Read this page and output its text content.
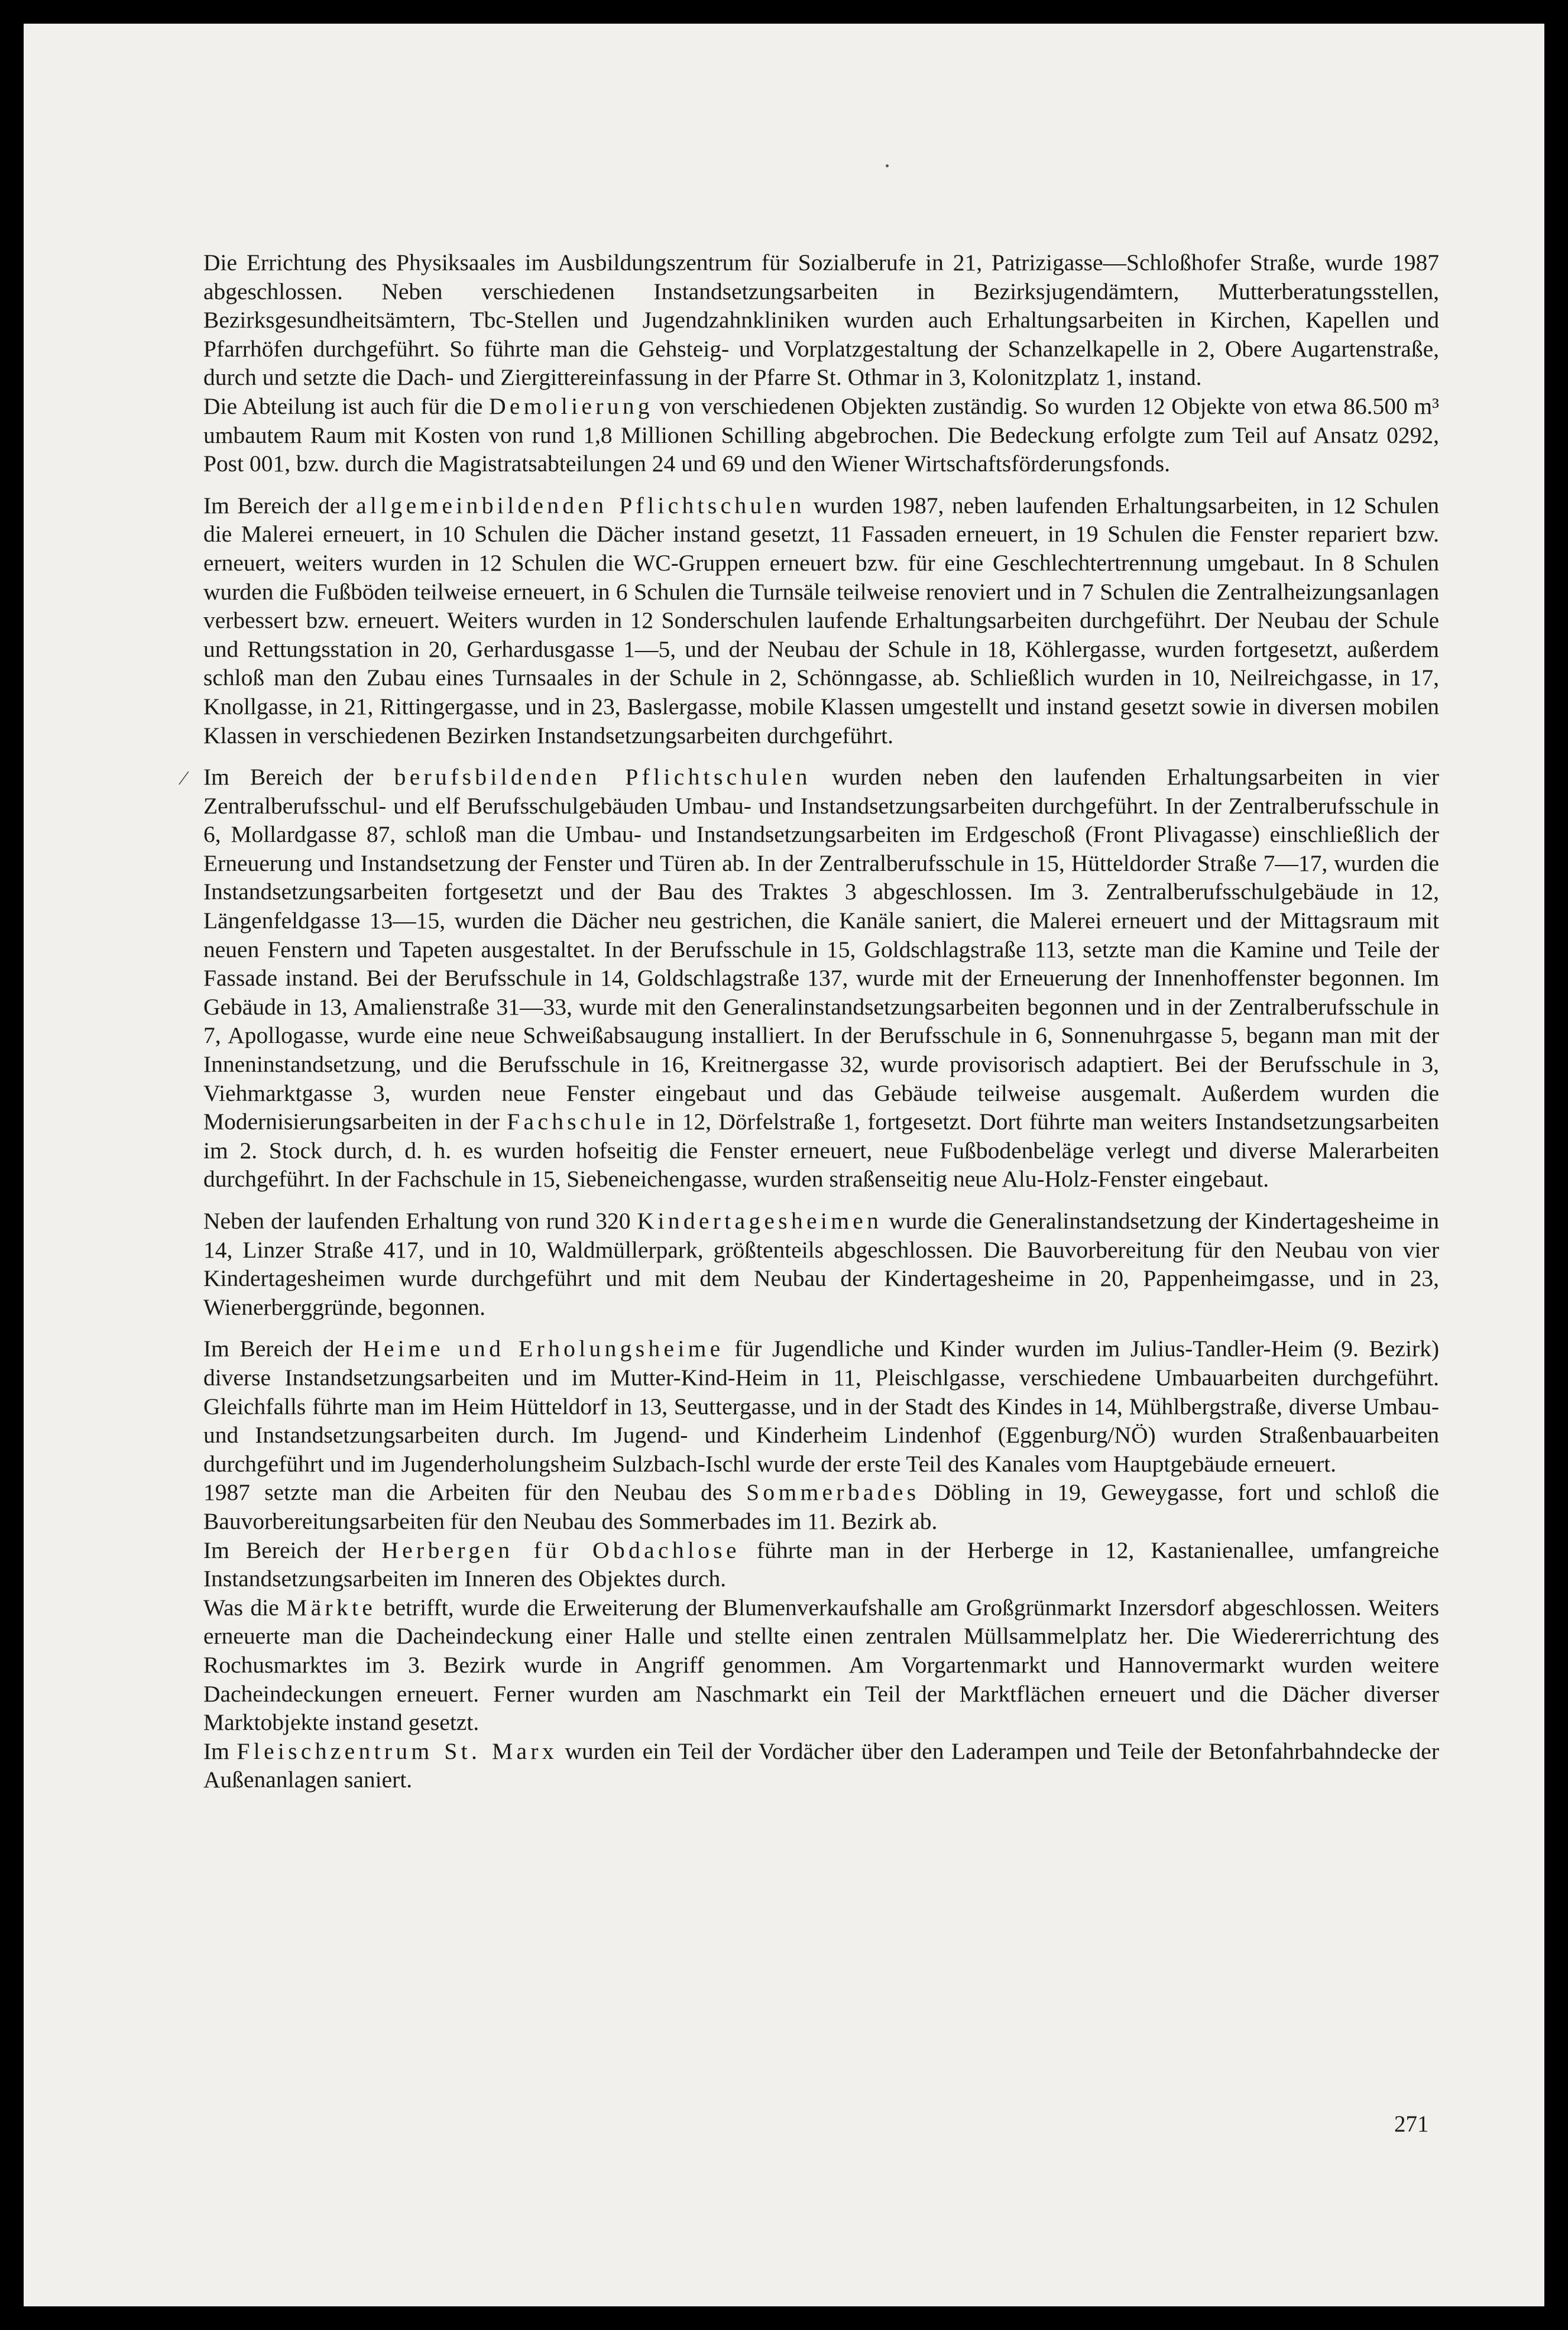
⁄

Die Errichtung des Physiksaales im Ausbildungszentrum für Sozialberufe in 21, Patrizigasse—Schloßhofer Straße, wurde 1987 abgeschlossen. Neben verschiedenen Instandsetzungsarbeiten in Bezirksjugendämtern, Mutterberatungsstellen, Bezirksgesundheitsämtern, Tbc-Stellen und Jugendzahnkliniken wurden auch Erhaltungsarbeiten in Kirchen, Kapellen und Pfarrhöfen durchgeführt. So führte man die Gehsteig- und Vorplatzgestaltung der Schanzelkapelle in 2, Obere Augartenstraße, durch und setzte die Dach- und Ziergittereinfassung in der Pfarre St. Othmar in 3, Kolonitzplatz 1, instand.

Die Abteilung ist auch für die Demolierung von verschiedenen Objekten zuständig. So wurden 12 Objekte von etwa 86.500 m³ umbautem Raum mit Kosten von rund 1,8 Millionen Schilling abgebrochen. Die Bedeckung erfolgte zum Teil auf Ansatz 0292, Post 001, bzw. durch die Magistratsabteilungen 24 und 69 und den Wiener Wirtschaftsförderungsfonds.

Im Bereich der allgemeinbildenden Pflichtschulen wurden 1987, neben laufenden Erhaltungsarbeiten, in 12 Schulen die Malerei erneuert, in 10 Schulen die Dächer instand gesetzt, 11 Fassaden erneuert, in 19 Schulen die Fenster repariert bzw. erneuert, weiters wurden in 12 Schulen die WC-Gruppen erneuert bzw. für eine Geschlechtertrennung umgebaut. In 8 Schulen wurden die Fußböden teilweise erneuert, in 6 Schulen die Turnsäle teilweise renoviert und in 7 Schulen die Zentralheizungsanlagen verbessert bzw. erneuert. Weiters wurden in 12 Sonderschulen laufende Erhaltungsarbeiten durchgeführt. Der Neubau der Schule und Rettungsstation in 20, Gerhardusgasse 1—5, und der Neubau der Schule in 18, Köhlergasse, wurden fortgesetzt, außerdem schloß man den Zubau eines Turnsaales in der Schule in 2, Schönngasse, ab. Schließlich wurden in 10, Neilreichgasse, in 17, Knollgasse, in 21, Rittingergasse, und in 23, Baslergasse, mobile Klassen umgestellt und instand gesetzt sowie in diversen mobilen Klassen in verschiedenen Bezirken Instandsetzungsarbeiten durchgeführt.

Im Bereich der berufsbildenden Pflichtschulen wurden neben den laufenden Erhaltungsarbeiten in vier Zentralberufsschul- und elf Berufsschulgebäuden Umbau- und Instandsetzungsarbeiten durchgeführt. In der Zentralberufsschule in 6, Mollardgasse 87, schloß man die Umbau- und Instandsetzungsarbeiten im Erdgeschoß (Front Plivagasse) einschließlich der Erneuerung und Instandsetzung der Fenster und Türen ab. In der Zentralberufsschule in 15, Hütteldorder Straße 7—17, wurden die Instandsetzungsarbeiten fortgesetzt und der Bau des Traktes 3 abgeschlossen. Im 3. Zentralberufsschulgebäude in 12, Längenfeldgasse 13—15, wurden die Dächer neu gestrichen, die Kanäle saniert, die Malerei erneuert und der Mittagsraum mit neuen Fenstern und Tapeten ausgestaltet. In der Berufsschule in 15, Goldschlagstraße 113, setzte man die Kamine und Teile der Fassade instand. Bei der Berufsschule in 14, Goldschlagstraße 137, wurde mit der Erneuerung der Innenhoffenster begonnen. Im Gebäude in 13, Amalienstraße 31—33, wurde mit den Generalinstandsetzungsarbeiten begonnen und in der Zentralberufsschule in 7, Apollogasse, wurde eine neue Schweißabsaugung installiert. In der Berufsschule in 6, Sonnenuhrgasse 5, begann man mit der Inneninstandsetzung, und die Berufsschule in 16, Kreitnergasse 32, wurde provisorisch adaptiert. Bei der Berufsschule in 3, Viehmarktgasse 3, wurden neue Fenster eingebaut und das Gebäude teilweise ausgemalt. Außerdem wurden die Modernisierungsarbeiten in der Fachschule in 12, Dörfelstraße 1, fortgesetzt. Dort führte man weiters Instandsetzungsarbeiten im 2. Stock durch, d. h. es wurden hofseitig die Fenster erneuert, neue Fußbodenbeläge verlegt und diverse Malerarbeiten durchgeführt. In der Fachschule in 15, Siebeneichengasse, wurden straßenseitig neue Alu-Holz-Fenster eingebaut.

Neben der laufenden Erhaltung von rund 320 Kindertagesheimen wurde die Generalinstandsetzung der Kindertagesheime in 14, Linzer Straße 417, und in 10, Waldmüllerpark, größtenteils abgeschlossen. Die Bauvorbereitung für den Neubau von vier Kindertagesheimen wurde durchgeführt und mit dem Neubau der Kindertagesheime in 20, Pappenheimgasse, und in 23, Wienerberggründe, begonnen.

Im Bereich der Heime und Erholungsheime für Jugendliche und Kinder wurden im Julius-Tandler-Heim (9. Bezirk) diverse Instandsetzungsarbeiten und im Mutter-Kind-Heim in 11, Pleischlgasse, verschiedene Umbauarbeiten durchgeführt. Gleichfalls führte man im Heim Hütteldorf in 13, Seuttergasse, und in der Stadt des Kindes in 14, Mühlbergstraße, diverse Umbau- und Instandsetzungsarbeiten durch. Im Jugend- und Kinderheim Lindenhof (Eggenburg/NÖ) wurden Straßenbauarbeiten durchgeführt und im Jugenderholungsheim Sulzbach-Ischl wurde der erste Teil des Kanales vom Hauptgebäude erneuert.

1987 setzte man die Arbeiten für den Neubau des Sommerbades Döbling in 19, Geweygasse, fort und schloß die Bauvorbereitungsarbeiten für den Neubau des Sommerbades im 11. Bezirk ab.

Im Bereich der Herbergen für Obdachlose führte man in der Herberge in 12, Kastanienallee, umfangreiche Instandsetzungsarbeiten im Inneren des Objektes durch.

Was die Märkte betrifft, wurde die Erweiterung der Blumenverkaufshalle am Großgrünmarkt Inzersdorf abgeschlossen. Weiters erneuerte man die Dacheindeckung einer Halle und stellte einen zentralen Müllsammelplatz her. Die Wiedererrichtung des Rochusmarktes im 3. Bezirk wurde in Angriff genommen. Am Vorgartenmarkt und Hannovermarkt wurden weitere Dacheindeckungen erneuert. Ferner wurden am Naschmarkt ein Teil der Marktflächen erneuert und die Dächer diverser Marktobjekte instand gesetzt.

Im Fleischzentrum St. Marx wurden ein Teil der Vordächer über den Laderampen und Teile der Betonfahrbahndecke der Außenanlagen saniert.

271
